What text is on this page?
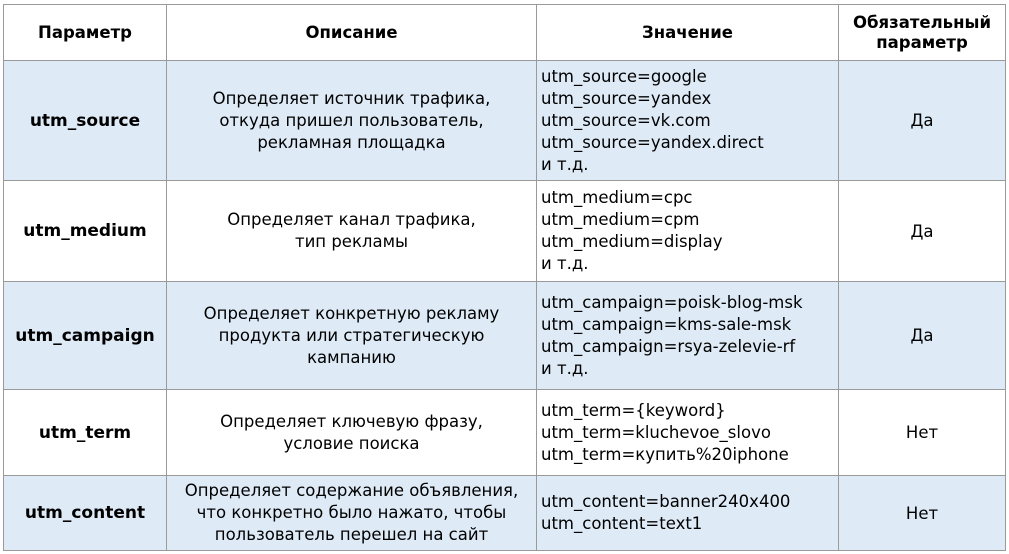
Параметр	Описание	Значение	Обязательный параметр
utm_source	Определяет источник трафика,
откуда пришел пользователь,
рекламная площадка	utm_source=google
utm_source=yandex
utm_source=vk.com
utm_source=yandex.direct
и т.д.	Да
utm_medium	Определяет канал трафика,
тип рекламы	utm_medium=cpc
utm_medium=cpm
utm_medium=display
и т.д.	Да
utm_campaign	Определяет конкретную рекламу
продукта или стратегическую
кампанию	utm_campaign=poisk-blog-msk
utm_campaign=kms-sale-msk
utm_campaign=rsya-zelevie-rf
и т.д.	Да
utm_term	Определяет ключевую фразу,
условие поиска	utm_term={keyword}
utm_term=kluchevoe_slovo
utm_term=купить%20iphone	Нет
utm_content	Определяет содержание объявления,
что конкретно было нажато, чтобы
пользователь перешел на сайт	utm_content=banner240x400
utm_content=text1	Нет
